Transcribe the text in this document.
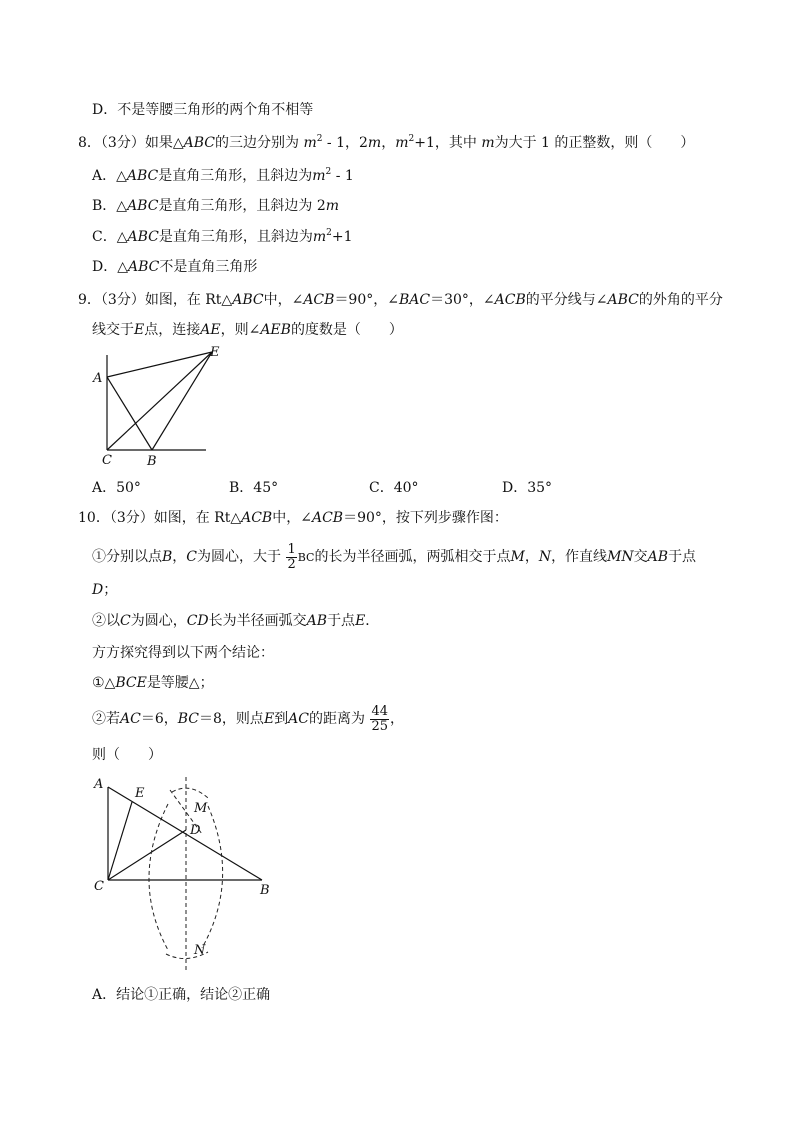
D．不是等腰三角形的两个角不相等
8．（3分）如果△ABC的三边分别为 $m^2 - 1$，2m，$m^2+1$，其中 m为大于 1 的正整数，则（　　）
A．△ABC是直角三角形，且斜边为$m^2 - 1$
B．△ABC是直角三角形，且斜边为 2m
C．△ABC是直角三角形，且斜边为$m^2+1$
D．△ABC不是直角三角形
9．（3分）如图，在 Rt△ABC中，∠ACB＝90°，∠BAC＝30°，∠ACB的平分线与∠ABC的外角的平分
线交于E点，连接AE，则∠AEB的度数是（　　）
A
C	B
E
A．50°	B．45°	C．40°	D．35°
10．（3分）如图，在 Rt△ACB中，∠ACB＝90°，按下列步骤作图：
①分别以点B，C为圆心，大于 $\frac{1}{2}$ BC的长为半径画弧，两弧相交于点M，N，作直线MN交AB于点
D；
②以C为圆心，CD长为半径画弧交AB于点E．
方方探究得到以下两个结论：
①△BCE是等腰△；
②若AC＝6，BC＝8，则点E到AC的距离为 $\frac{44}{25}$ ，
则（　　）
A
E
M
D
C	B
N
A．结论①正确，结论②正确
